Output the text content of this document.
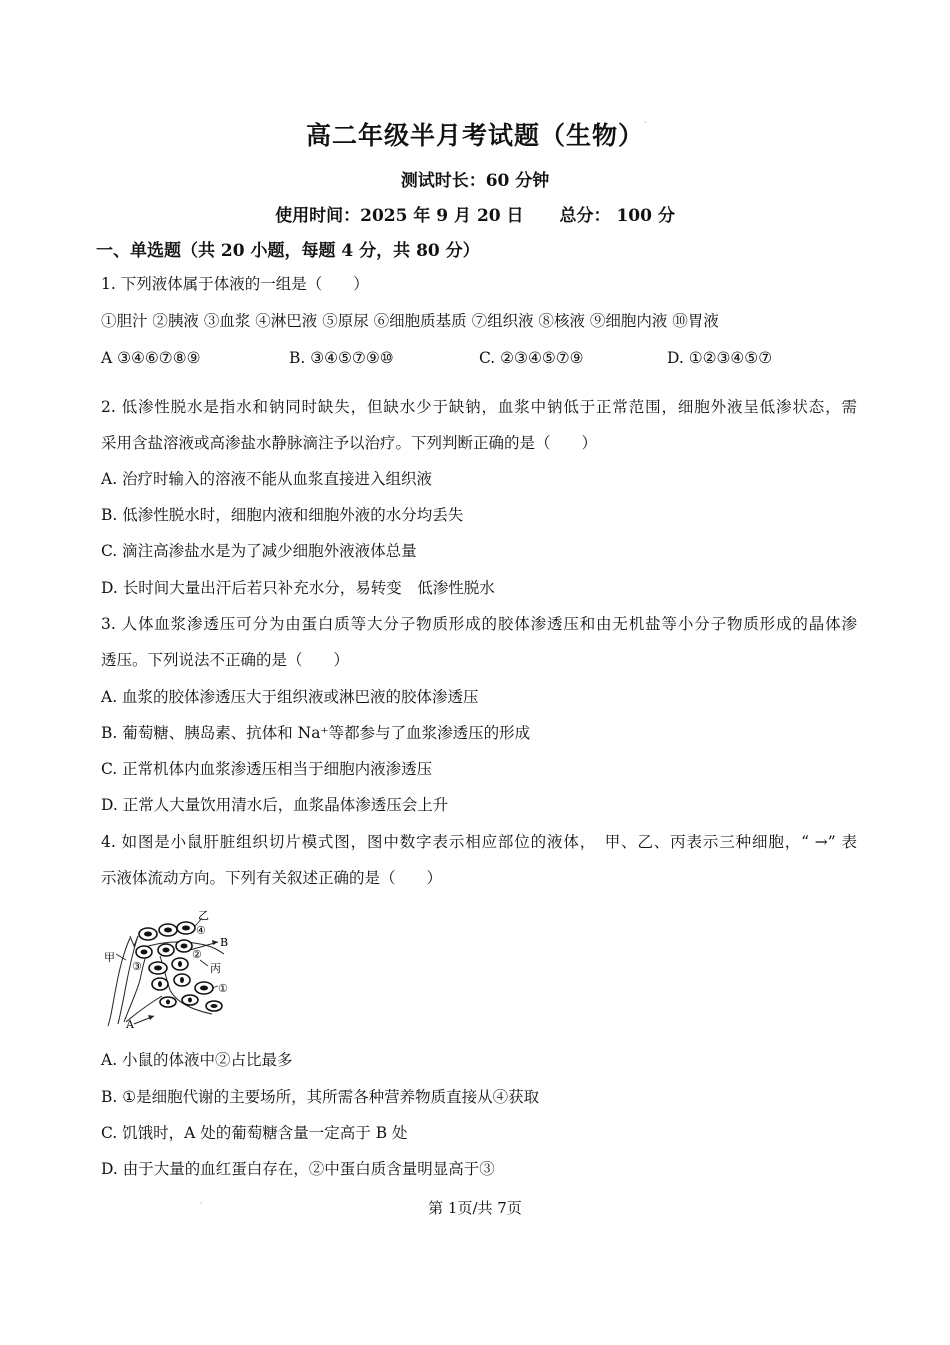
·
高二年级半月考试题（生物）
测试时长：60 分钟
使用时间：2025 年 9 月 20 日 总分： 100 分
一、单选题（共 20 小题，每题 4 分，共 80 分）
1. 下列液体属于体液的一组是（　　）
①胆汁 ②胰液 ③血浆 ④淋巴液 ⑤原尿 ⑥细胞质基质 ⑦组织液 ⑧核液 ⑨细胞内液 ⑩胃液
A ③④⑥⑦⑧⑨	B. ③④⑤⑦⑨⑩	C. ②③④⑤⑦⑨	D. ①②③④⑤⑦
2. 低渗性脱水是指水和钠同时缺失，但缺水少于缺钠，血浆中钠低于正常范围，细胞外液呈低渗状态，需
采用含盐溶液或高渗盐水静脉滴注予以治疗。下列判断正确的是（　　）
A. 治疗时输入的溶液不能从血浆直接进入组织液
B. 低渗性脱水时，细胞内液和细胞外液的水分均丢失
C. 滴注高渗盐水是为了减少细胞外液液体总量
D. 长时间大量出汗后若只补充水分，易转变　低渗性脱水
3. 人体血浆渗透压可分为由蛋白质等大分子物质形成的胶体渗透压和由无机盐等小分子物质形成的晶体渗
透压。下列说法不正确的是（　　）
A. 血浆的胶体渗透压大于组织液或淋巴液的胶体渗透压
B. 葡萄糖、胰岛素、抗体和 Na⁺等都参与了血浆渗透压的形成
C. 正常机体内血浆渗透压相当于细胞内液渗透压
D. 正常人大量饮用清水后，血浆晶体渗透压会上升
4. 如图是小鼠肝脏组织切片模式图，图中数字表示相应部位的液体，　甲、乙、丙表示三种细胞，“ →” 表
示液体流动方向。下列有关叙述正确的是（　　）
乙
④
B
②
甲
③	丙
①
A
A. 小鼠的体液中②占比最多
B. ①是细胞代谢的主要场所，其所需各种营养物质直接从④获取
C. 饥饿时，A 处的葡萄糖含量一定高于 B 处
D. 由于大量的血红蛋白存在，②中蛋白质含量明显高于③
·	第 1页/共 7页
